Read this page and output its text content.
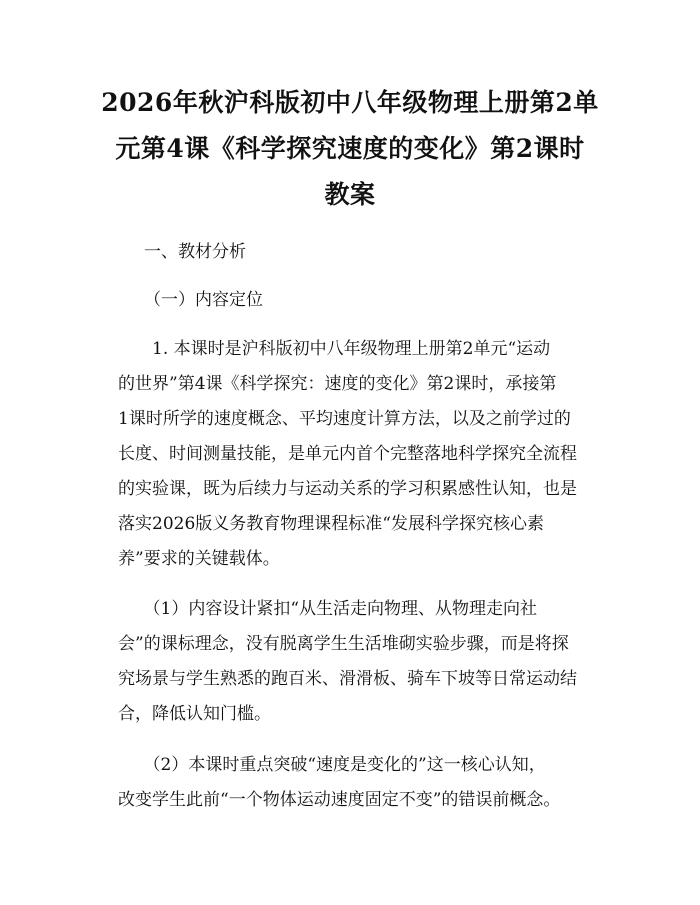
2026年秋沪科版初中八年级物理上册第2单
元第4课《科学探究速度的变化》第2课时
教案
一、教材分析
（一）内容定位
　　1. 本课时是沪科版初中八年级物理上册第2单元“运动
的世界”第4课《科学探究：速度的变化》第2课时，承接第
1课时所学的速度概念、平均速度计算方法，以及之前学过的
长度、时间测量技能，是单元内首个完整落地科学探究全流程
的实验课，既为后续力与运动关系的学习积累感性认知，也是
落实2026版义务教育物理课程标准“发展科学探究核心素
养”要求的关键载体。
　　（1）内容设计紧扣“从生活走向物理、从物理走向社
会”的课标理念，没有脱离学生生活堆砌实验步骤，而是将探
究场景与学生熟悉的跑百米、滑滑板、骑车下坡等日常运动结
合，降低认知门槛。
　　（2）本课时重点突破“速度是变化的”这一核心认知，
改变学生此前“一个物体运动速度固定不变”的错误前概念。
